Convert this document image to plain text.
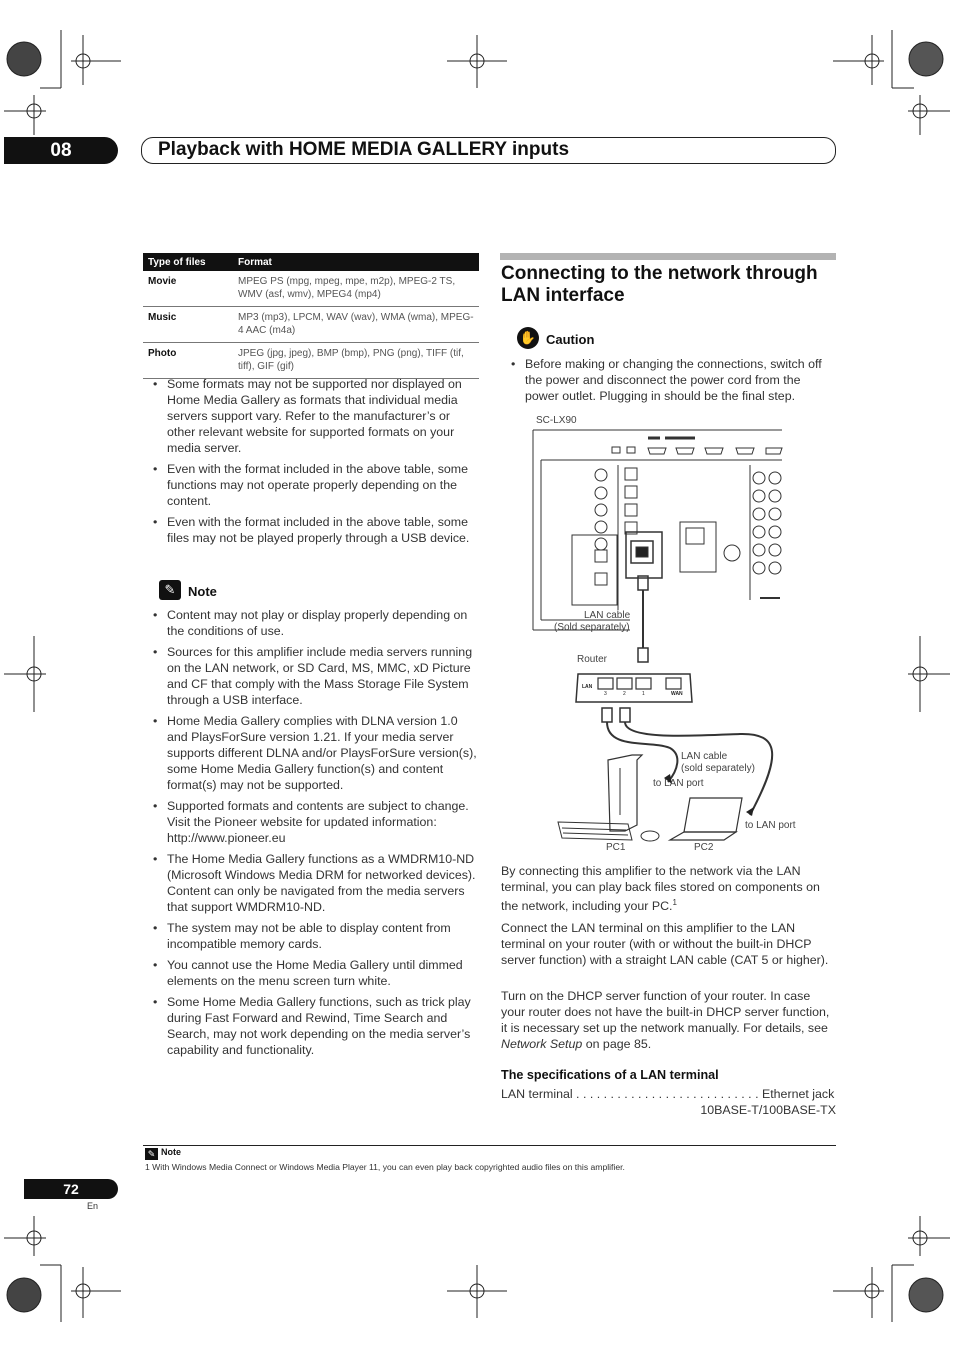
08	Playback with HOME MEDIA GALLERY inputs
Type of files	Format
Movie	MPEG PS (mpg, mpeg, mpe, m2p), MPEG-2 TS, WMV (asf, wmv), MPEG4 (mp4)
Music	MP3 (mp3), LPCM, WAV (wav), WMA (wma), MPEG-4 AAC (m4a)
Photo	JPEG (jpg, jpeg), BMP (bmp), PNG (png), TIFF (tif, tiff), GIF (gif)
• Some formats may not be supported nor displayed on Home Media Gallery as formats that individual media servers support vary. Refer to the manufacturer’s or other relevant website for supported formats on your media server.
• Even with the format included in the above table, some functions may not operate properly depending on the content.
• Even with the format included in the above table, some files may not be played properly through a USB device.
✎ Note
• Content may not play or display properly depending on the conditions of use.
• Sources for this amplifier include media servers running on the LAN network, or SD Card, MS, MMC, xD Picture and CF that comply with the Mass Storage File System through a USB interface.
• Home Media Gallery complies with DLNA version 1.0 and PlaysForSure version 1.21. If your media server supports different DLNA and/or PlaysForSure version(s), some Home Media Gallery function(s) and content format(s) may not be supported.
• Supported formats and contents are subject to change. Visit the Pioneer website for updated information: http://www.pioneer.eu
• The Home Media Gallery functions as a WMDRM10-ND (Microsoft Windows Media DRM for networked devices). Content can only be navigated from the media servers that support WMDRM10-ND.
• The system may not be able to display content from incompatible memory cards.
• You cannot use the Home Media Gallery until dimmed elements on the menu screen turn white.
• Some Home Media Gallery functions, such as trick play during Fast Forward and Rewind, Time Search and Search, may not work depending on the media server’s capability and functionality.
Connecting to the network through LAN interface
✋ Caution
• Before making or changing the connections, switch off the power and disconnect the power cord from the power outlet. Plugging in should be the final step.
SC-LX90
LAN cable
(Sold separately)
Router
LAN
WAN
3	2	1
LAN cable
(sold separately)
to LAN port
to LAN port
PC1	PC2
By connecting this amplifier to the network via the LAN terminal, you can play back files stored on components on the network, including your PC.$^1$
Connect the LAN terminal on this amplifier to the LAN terminal on your router (with or without the built-in DHCP server function) with a straight LAN cable (CAT 5 or higher).
Turn on the DHCP server function of your router. In case your router does not have the built-in DHCP server function, it is necessary set up the network manually. For details, see Network Setup on page 85.
The specifications of a LAN terminal
LAN terminal . . . . . . . . . . . . . . . . . . . . . . . . . . . Ethernet jack
10BASE-T/100BASE-TX
✎ Note
1 With Windows Media Connect or Windows Media Player 11, you can even play back copyrighted audio files on this amplifier.
72
En
